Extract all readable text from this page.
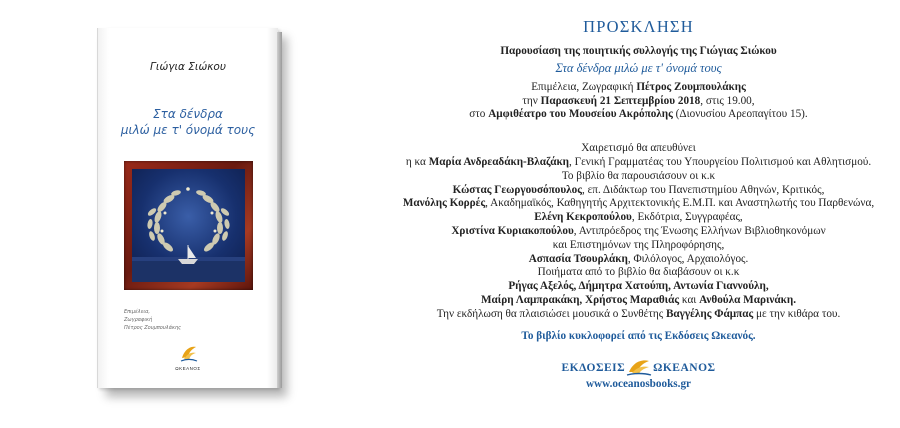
Γιώγια Σιώκου
Στα δένδρα
μιλώ με τ' όνομά τους
Επιμέλεια,
Ζωγραφική
Πέτρος Ζουμπουλάκης
ΩΚΕΑΝΟΣ
ΠΡΟΣΚΛΗΣΗ
Παρουσίαση της ποιητικής συλλογής της Γιώγιας Σιώκου
Στα δένδρα μιλώ με τ' όνομά τους
Επιμέλεια, Ζωγραφική Πέτρος Ζουμπουλάκης
την Παρασκευή 21 Σεπτεμβρίου 2018, στις 19.00,
στο Αμφιθέατρο του Μουσείου Ακρόπολης (Διονυσίου Αρεοπαγίτου 15).
Χαιρετισμό θα απευθύνει
η κα Μαρία Ανδρεαδάκη-Βλαζάκη, Γενική Γραμματέας του Υπουργείου Πολιτισμού και Αθλητισμού.
Το βιβλίο θα παρουσιάσουν οι κ.κ
Κώστας Γεωργουσόπουλος, επ. Διδάκτωρ του Πανεπιστημίου Αθηνών, Κριτικός,
Μανόλης Κορρές, Ακαδημαϊκός, Καθηγητής Αρχιτεκτονικής Ε.Μ.Π. και Αναστηλωτής του Παρθενώνα,
Ελένη Κεκροπούλου, Εκδότρια, Συγγραφέας,
Χριστίνα Κυριακοπούλου, Αντιπρόεδρος της Ένωσης Ελλήνων Βιβλιοθηκονόμων
και Επιστημόνων της Πληροφόρησης,
Ασπασία Τσουρλάκη, Φιλόλογος, Αρχαιολόγος.
Ποιήματα από το βιβλίο θα διαβάσουν οι κ.κ
Ρήγας Αξελός, Δήμητρα Χατούπη, Αντωνία Γιαννούλη,
Μαίρη Λαμπρακάκη, Χρήστος Μαραθιάς και Ανθούλα Μαρινάκη.
Την εκδήλωση θα πλαισιώσει μουσικά ο Συνθέτης Βαγγέλης Φάμπας με την κιθάρα του.
Το βιβλίο κυκλοφορεί από τις Εκδόσεις Ωκεανός.
ΕΚΔΟΣΕΙΣ ΩΚΕΑΝΟΣ
www.oceanosbooks.gr
